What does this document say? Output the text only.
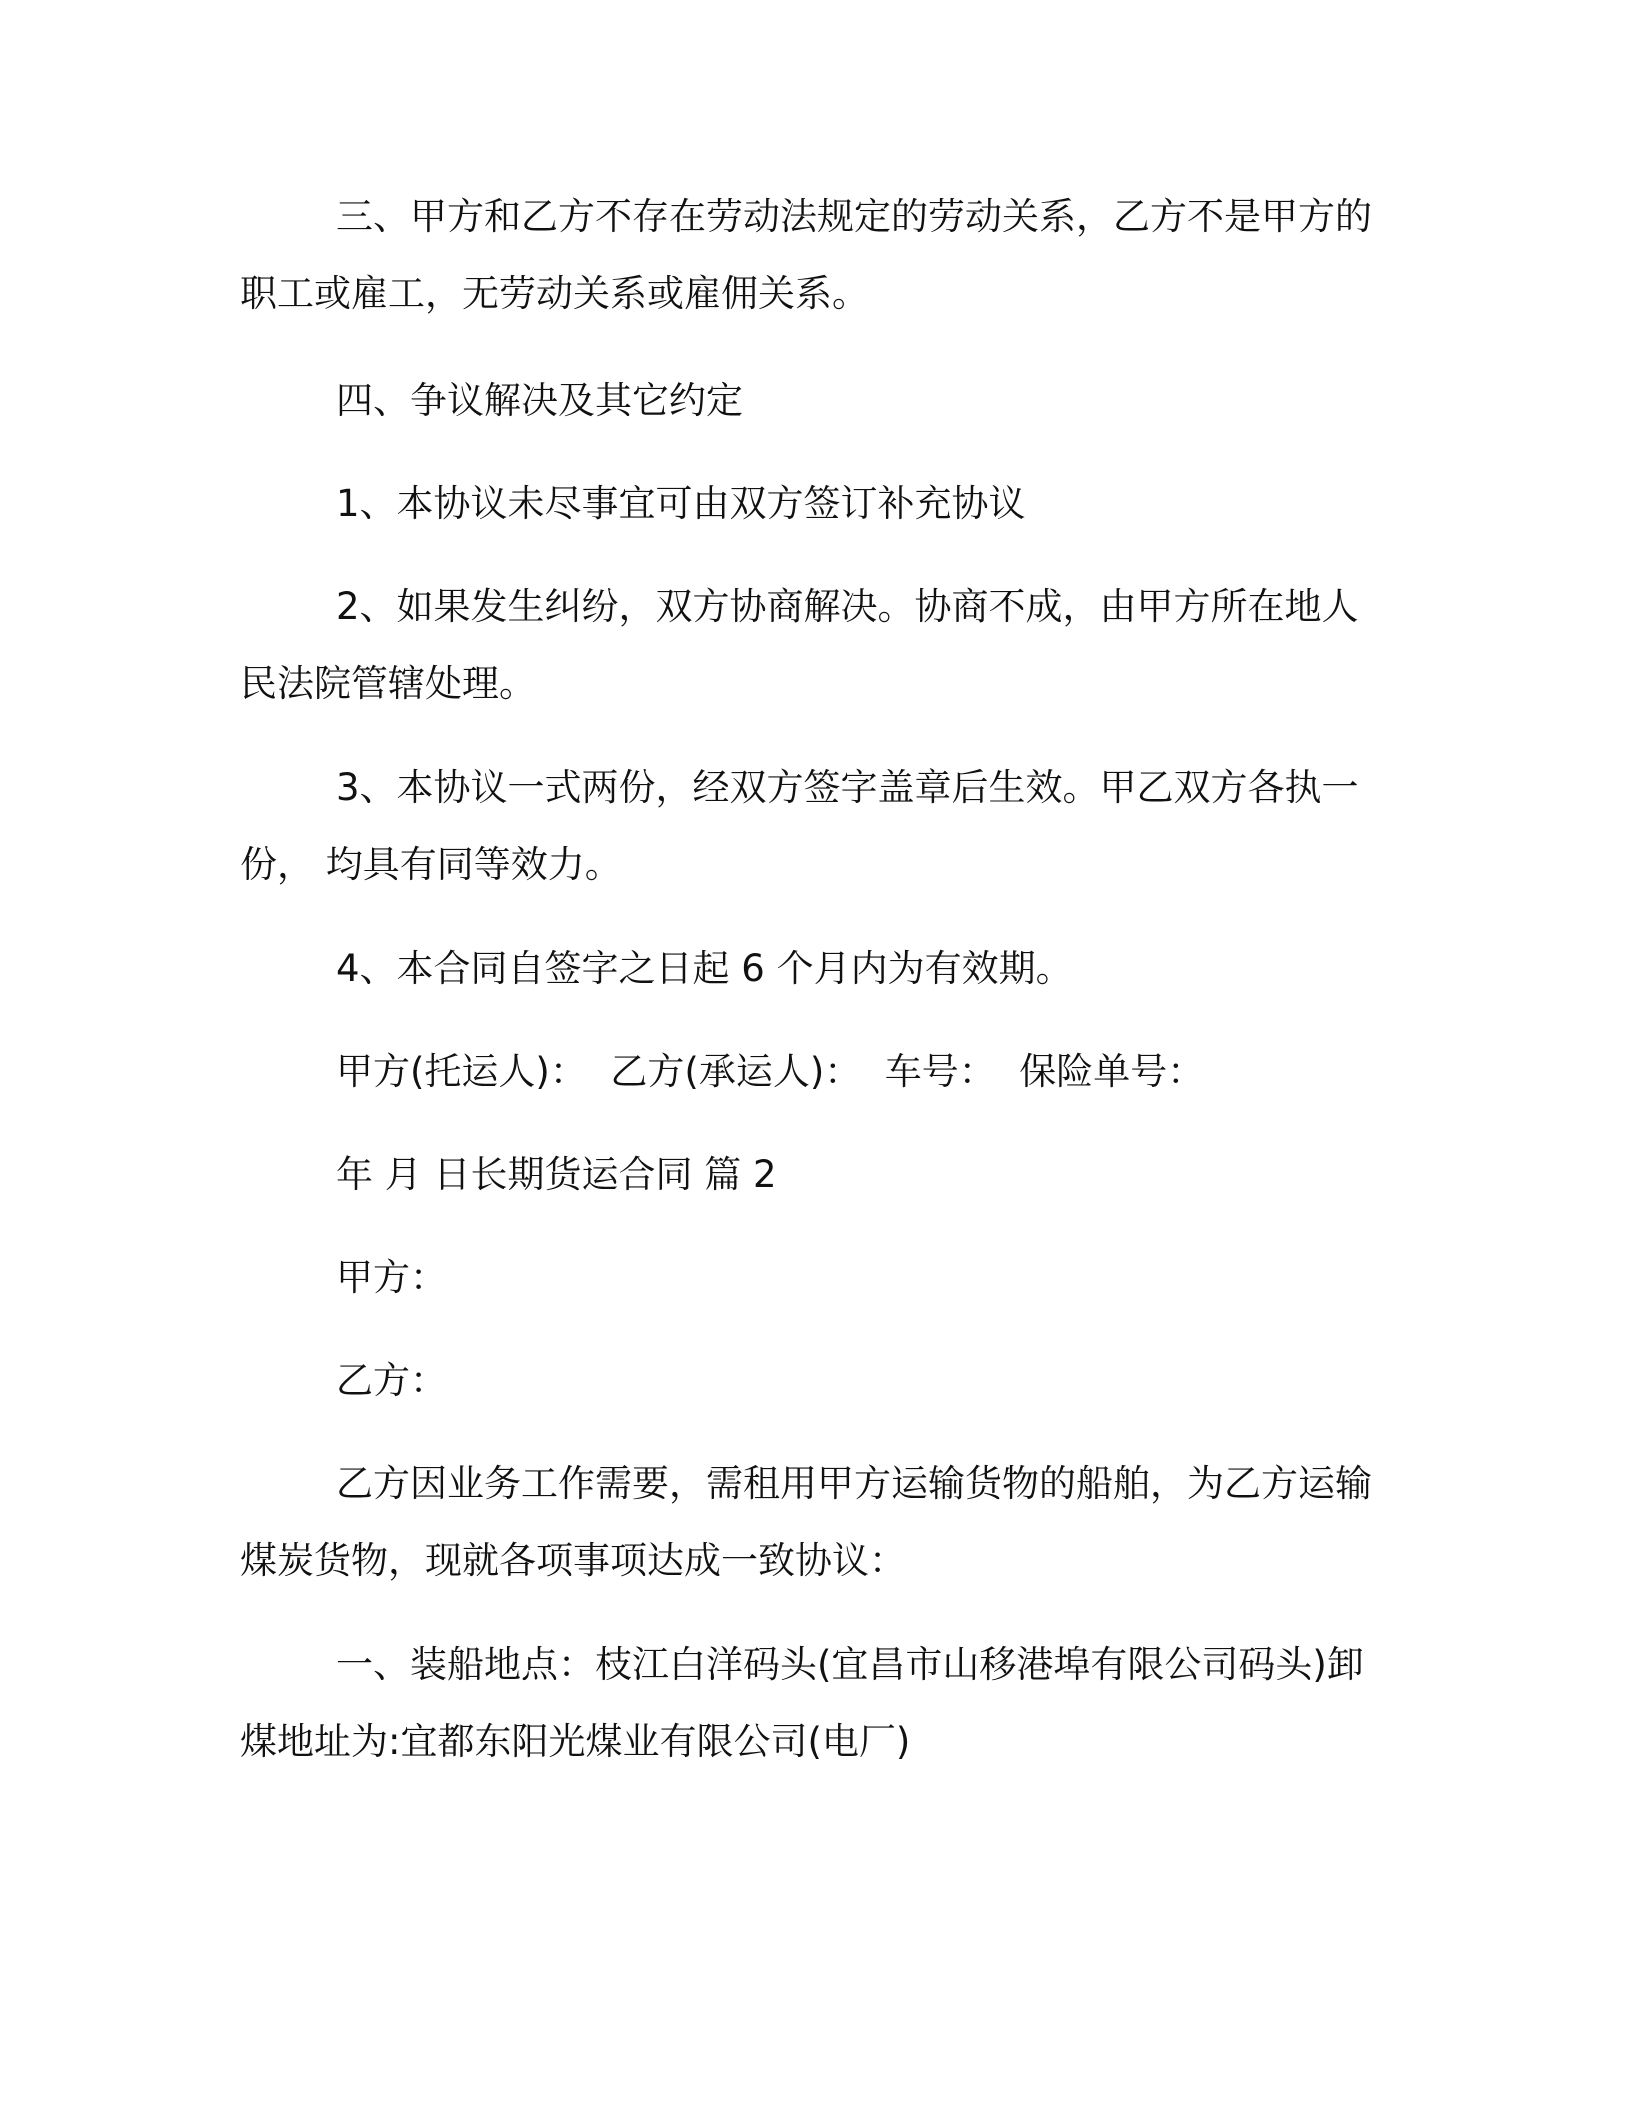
三、甲方和乙方不存在劳动法规定的劳动关系，乙方不是甲方的职工或雇工，无劳动关系或雇佣关系。

四、争议解决及其它约定

1、本协议未尽事宜可由双方签订补充协议

2、如果发生纠纷，双方协商解决。协商不成，由甲方所在地人民法院管辖处理。

3、本协议一式两份，经双方签字盖章后生效。甲乙双方各执一份， 均具有同等效力。

4、本合同自签字之日起 6 个月内为有效期。

甲方(托运人)：  乙方(承运人)：  车号：  保险单号：

年 月 日长期货运合同 篇 2

甲方：

乙方：

乙方因业务工作需要，需租用甲方运输货物的船舶，为乙方运输煤炭货物，现就各项事项达成一致协议：

一、装船地点：枝江白洋码头(宜昌市山移港埠有限公司码头)卸煤地址为:宜都东阳光煤业有限公司(电厂)
